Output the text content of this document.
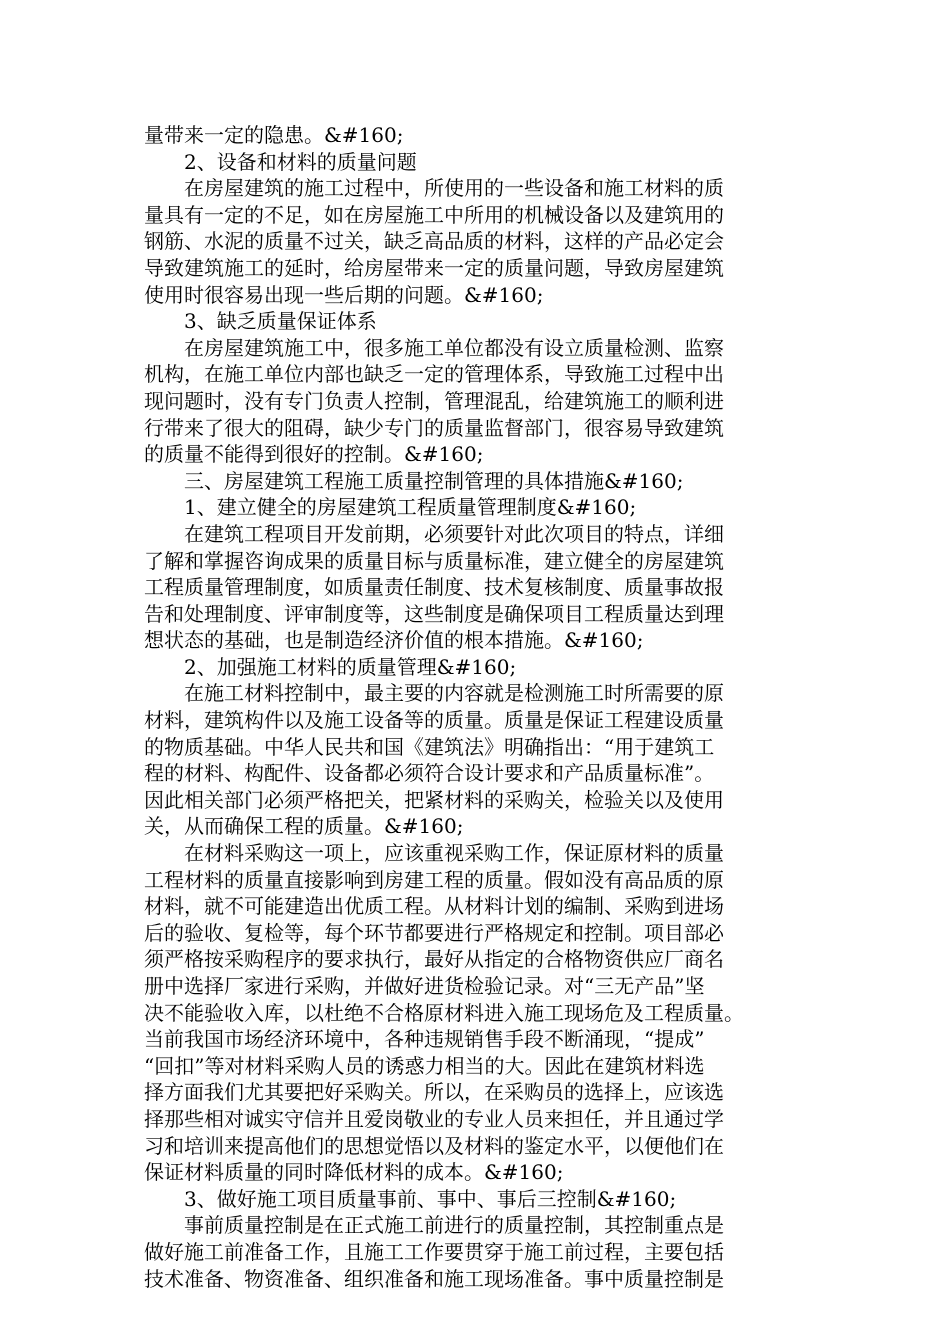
量带来一定的隐患。&#160;
2、设备和材料的质量问题
在房屋建筑的施工过程中，所使用的一些设备和施工材料的质
量具有一定的不足，如在房屋施工中所用的机械设备以及建筑用的
钢筋、水泥的质量不过关，缺乏高品质的材料，这样的产品必定会
导致建筑施工的延时，给房屋带来一定的质量问题，导致房屋建筑
使用时很容易出现一些后期的问题。&#160;
3、缺乏质量保证体系
在房屋建筑施工中，很多施工单位都没有设立质量检测、监察
机构，在施工单位内部也缺乏一定的管理体系，导致施工过程中出
现问题时，没有专门负责人控制，管理混乱，给建筑施工的顺利进
行带来了很大的阻碍，缺少专门的质量监督部门，很容易导致建筑
的质量不能得到很好的控制。&#160;
三、房屋建筑工程施工质量控制管理的具体措施&#160;
1、建立健全的房屋建筑工程质量管理制度&#160;
在建筑工程项目开发前期，必须要针对此次项目的特点，详细
了解和掌握咨询成果的质量目标与质量标准，建立健全的房屋建筑
工程质量管理制度，如质量责任制度、技术复核制度、质量事故报
告和处理制度、评审制度等，这些制度是确保项目工程质量达到理
想状态的基础，也是制造经济价值的根本措施。&#160;
2、加强施工材料的质量管理&#160;
在施工材料控制中，最主要的内容就是检测施工时所需要的原
材料，建筑构件以及施工设备等的质量。质量是保证工程建设质量
的物质基础。中华人民共和国《建筑法》明确指出：“用于建筑工
程的材料、构配件、设备都必须符合设计要求和产品质量标准”。
因此相关部门必须严格把关，把紧材料的采购关，检验关以及使用
关，从而确保工程的质量。&#160;
在材料采购这一项上，应该重视采购工作，保证原材料的质量
工程材料的质量直接影响到房建工程的质量。假如没有高品质的原
材料，就不可能建造出优质工程。从材料计划的编制、采购到进场
后的验收、复检等，每个环节都要进行严格规定和控制。项目部必
须严格按采购程序的要求执行，最好从指定的合格物资供应厂商名
册中选择厂家进行采购，并做好进货检验记录。对“三无产品”坚
决不能验收入库，以杜绝不合格原材料进入施工现场危及工程质量。
当前我国市场经济环境中，各种违规销售手段不断涌现，“提成”
“回扣”等对材料采购人员的诱惑力相当的大。因此在建筑材料选
择方面我们尤其要把好采购关。所以，在采购员的选择上，应该选
择那些相对诚实守信并且爱岗敬业的专业人员来担任，并且通过学
习和培训来提高他们的思想觉悟以及材料的鉴定水平，以便他们在
保证材料质量的同时降低材料的成本。&#160;
3、做好施工项目质量事前、事中、事后三控制&#160;
事前质量控制是在正式施工前进行的质量控制，其控制重点是
做好施工前准备工作，且施工工作要贯穿于施工前过程，主要包括
技术准备、物资准备、组织准备和施工现场准备。事中质量控制是
